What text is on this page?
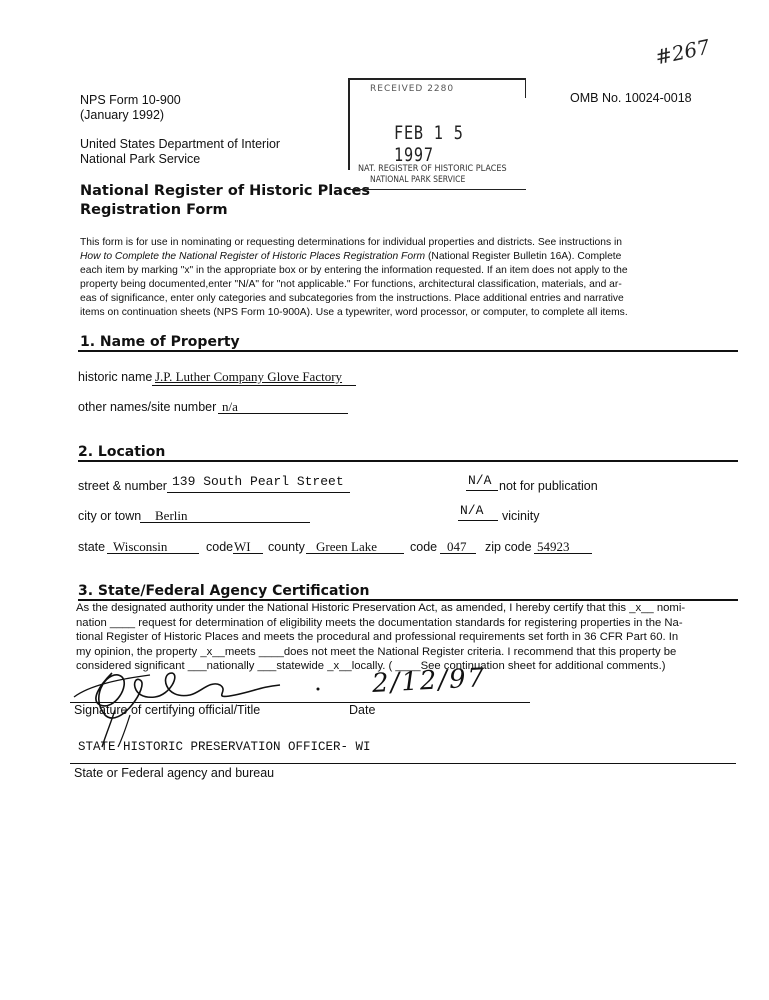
NPS Form 10-900
(January 1992)
United States Department of Interior
National Park Service
OMB No. 10024-0018
#267
National Register of Historic Places
Registration Form
RECEIVED 2280
FEB 1 5 1997
NAT. REGISTER OF HISTORIC PLACES
NATIONAL PARK SERVICE
This form is for use in nominating or requesting determinations for individual properties and districts. See instructions in
How to Complete the National Register of Historic Places Registration Form (National Register Bulletin 16A). Complete
each item by marking "x" in the appropriate box or by entering the information requested. If an item does not apply to the
property being documented,enter "N/A" for "not applicable." For functions, architectural classification, materials, and ar-
eas of significance, enter only categories and subcategories from the instructions. Place additional entries and narrative
items on continuation sheets (NPS Form 10-900A). Use a typewriter, word processor, or computer, to complete all items.
1. Name of Property
historic name J.P. Luther Company Glove Factory
other names/site number n/a
2. Location
street & number 139 South Pearl Street	N/A not for publication
city or town Berlin	N/A vicinity
state Wisconsin	code WI county Green Lake	code 047 zip code 54923
3. State/Federal Agency Certification
As the designated authority under the National Historic Preservation Act, as amended, I hereby certify that this _x__ nomi-
nation ____ request for determination of eligibility meets the documentation standards for registering properties in the Na-
tional Register of Historic Places and meets the procedural and professional requirements set forth in 36 CFR Part 60. In
my opinion, the property _x__meets ____does not meet the National Register criteria. I recommend that this property be
considered significant ___nationally ___statewide _x__locally. ( ____See continuation sheet for additional comments.)
2/12/97
Signature of certifying official/Title	Date
STATE HISTORIC PRESERVATION OFFICER- WI
State or Federal agency and bureau
